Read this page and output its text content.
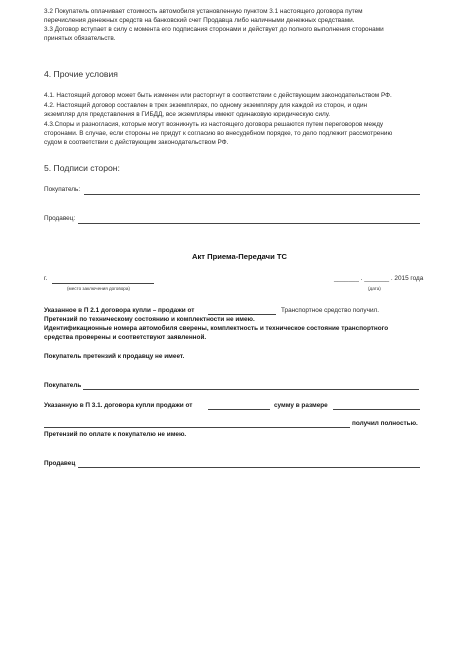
3.2 Покупатель оплачивает стоимость автомобиля установленную пунктом 3.1 настоящего договора путем
перечисления денежных средств на банковский счет Продавца либо наличными денежных средствами.
3.3 Договор вступает в силу с момента его подписания сторонами и действует до полного выполнения сторонами
принятых обязательств.
4. Прочие условия
4.1. Настоящий договор может быть изменен или расторгнут в соответствии с действующим законодательством РФ.
4.2. Настоящий договор составлен в трех экземплярах, по одному экземпляру для каждой из сторон, и один
экземпляр для представления в ГИБДД, все экземпляры имеют одинаковую юридическую силу.
4.3.Споры и разногласия, которые могут возникнуть из настоящего договора решаются путем переговоров между
сторонами. В случае, если стороны не придут к согласию во внесудебном порядке, то дело подлежит рассмотрению
судом в соответствии с действующим законодательством РФ.
5. Подписи сторон:
Покупатель:
Продавец:
Акт Приема-Передачи ТС
г.	_______ . _______ . 2015 года
(место заключения договора)	(дата)
Указанное в П 2.1 договора купли – продажи от	Транспортное средство получил.
Претензий по техническому состоянию и комплектности не имею.
Идентификационные номера автомобиля сверены, комплектность и техническое состояние транспортного
средства проверены и соответствуют заявленной.
Покупатель претензий к продавцу не имеет.
Покупатель
Указанную в П 3.1. договора купли продажи от	сумму в размере
получил полностью.
Претензий по оплате к покупателю не имею.
Продавец
